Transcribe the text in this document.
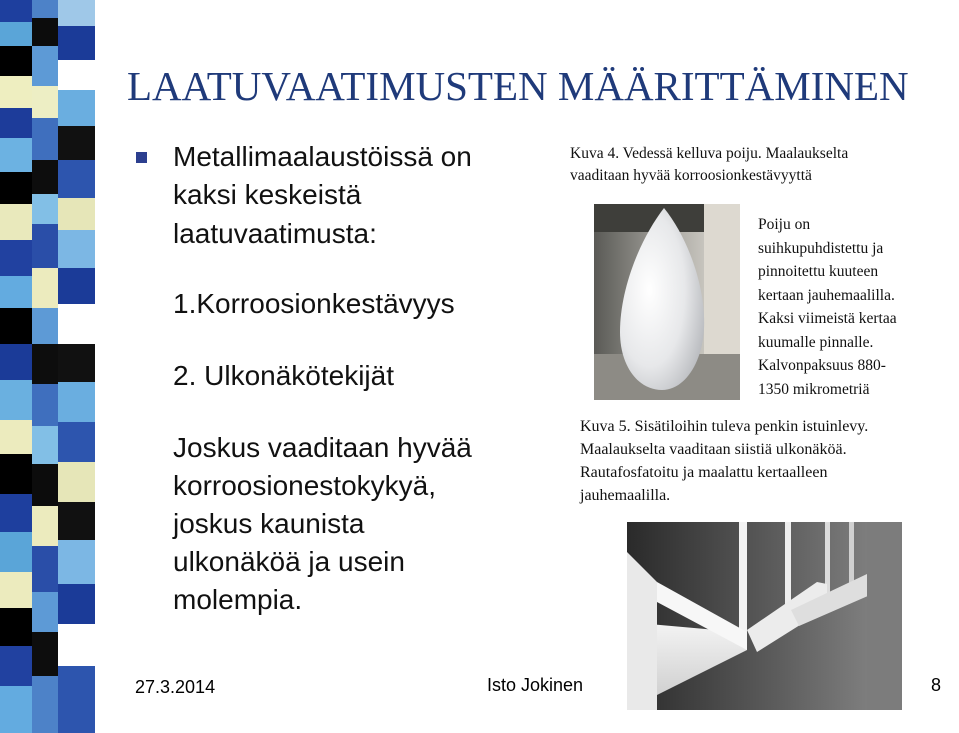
LAATUVAATIMUSTEN MÄÄRITTÄMINEN
Metallimaalaustöissä on
kaksi keskeistä
laatuvaatimusta:
1.Korroosionkestävyys
2. Ulkonäkötekijät
Joskus vaaditaan hyvää
korroosionestokykyä,
joskus kaunista
ulkonäköä ja usein
molempia.
Kuva 4. Vedessä kelluva poiju. Maalaukselta
vaaditaan hyvää korroosionkestävyyttä
Poiju on
suihkupuhdistettu ja
pinnoitettu kuuteen
kertaan jauhemaalilla.
Kaksi viimeistä kertaa
kuumalle pinnalle.
Kalvonpaksuus 880-
1350 mikrometriä
Kuva 5. Sisätiloihin tuleva penkin istuinlevy.
Maalaukselta vaaditaan siistiä ulkonäköä.
Rautafosfatoitu ja maalattu kertaalleen
jauhemaalilla.
27.3.2014	Isto Jokinen	8
